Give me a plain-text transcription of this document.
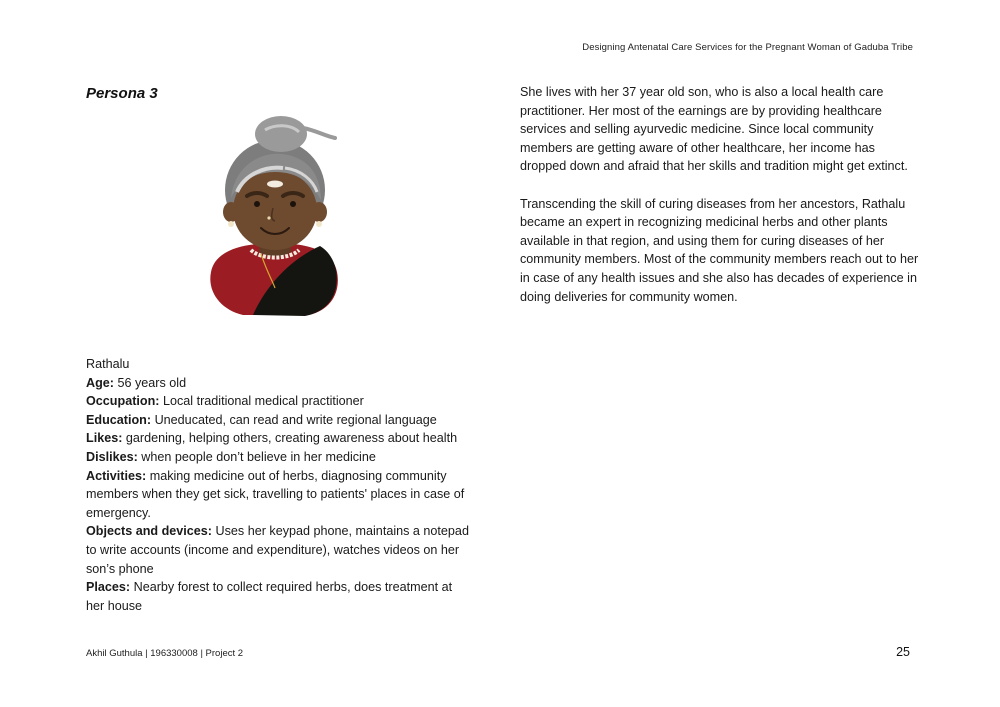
Designing Antenatal Care Services for the Pregnant Woman of Gaduba Tribe
Persona 3
Rathalu
Age: 56 years old
Occupation: Local traditional medical practitioner
Education: Uneducated, can read and write regional language
Likes: gardening, helping others, creating awareness about health
Dislikes: when people don’t believe in her medicine
Activities: making medicine out of herbs, diagnosing community members when they get sick, travelling to patients' places in case of emergency.
Objects and devices: Uses her keypad phone, maintains a notepad to write accounts (income and expenditure), watches videos on her son’s phone
Places: Nearby forest to collect required herbs, does treatment at her house

She lives with her 37 year old son, who is also a local health care practitioner. Her most of the earnings are by providing healthcare services and selling ayurvedic medicine. Since local community members are getting aware of other healthcare, her income has dropped down and afraid that her skills and tradition might get extinct.

Transcending the skill of curing diseases from her ancestors, Rathalu became an expert in recognizing medicinal herbs and other plants available in that region, and using them for curing diseases of her community members. Most of the community members reach out to her in case of any health issues and she also has decades of experience in doing deliveries for community women.

Akhil Guthula | 196330008 | Project 2	25
